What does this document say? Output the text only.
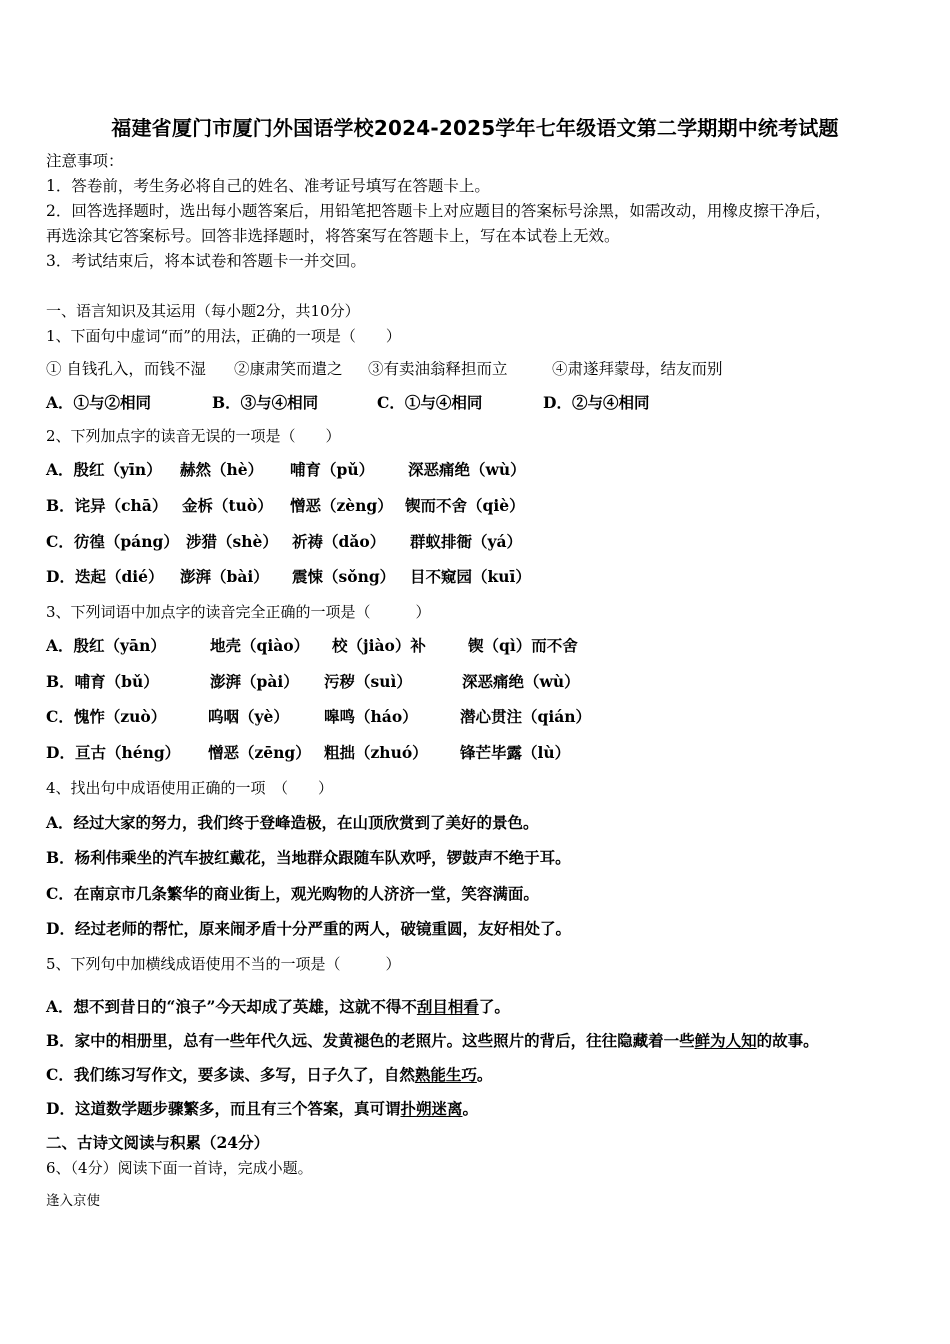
福建省厦门市厦门外国语学校2024-2025学年七年级语文第二学期期中统考试题
注意事项：
1．答卷前，考生务必将自己的姓名、准考证号填写在答题卡上。
2．回答选择题时，选出每小题答案后，用铅笔把答题卡上对应题目的答案标号涂黑，如需改动，用橡皮擦干净后，
再选涂其它答案标号。回答非选择题时，将答案写在答题卡上，写在本试卷上无效。
3．考试结束后，将本试卷和答题卡一并交回。
一、语言知识及其运用（每小题2分，共10分）
1、下面句中虚词“而”的用法，正确的一项是（　　）
① 自钱孔入，而钱不湿	②康肃笑而遣之	③有卖油翁释担而立	④肃遂拜蒙母，结友而别
A．①与②相同	B．③与④相同	C．①与④相同	D．②与④相同
2、下列加点字的读音无误的一项是（　　）
A．殷红（yīn）	赫然（hè）	哺育（pǔ）	深恶痛绝（wù）
B．诧异（chā） 金柝（tuò）	憎恶（zèng） 锲而不舍（qiè）
C．彷徨（páng） 涉猎（shè） 祈祷（dǎo）	群蚁排衙（yá）
D．迭起（dié）	澎湃（bài）	震悚（sǒng） 目不窥园（kuī）
3、下列词语中加点字的读音完全正确的一项是（　　　）
A．殷红（yān）	地壳（qiào）	校（jiào）补	锲（qì）而不舍
B．哺育（bǔ）	澎湃（pài）	污秽（suì）	深恶痛绝（wù）
C．愧怍（zuò）	呜咽（yè）	嗥鸣（háo）	潜心贯注（qián）
D．亘古（héng）	憎恶（zēng） 粗拙（zhuó）	锋芒毕露（lù）
4、找出句中成语使用正确的一项　（　　）
A．经过大家的努力，我们终于登峰造极，在山顶欣赏到了美好的景色。
B．杨利伟乘坐的汽车披红戴花，当地群众跟随车队欢呼，锣鼓声不绝于耳。
C．在南京市几条繁华的商业街上，观光购物的人济济一堂，笑容满面。
D．经过老师的帮忙，原来闹矛盾十分严重的两人，破镜重圆，友好相处了。
5、下列句中加横线成语使用不当的一项是（　　　）
A．想不到昔日的“浪子”今天却成了英雄，这就不得不刮目相看了。
B．家中的相册里，总有一些年代久远、发黄褪色的老照片。这些照片的背后，往往隐藏着一些鲜为人知的故事。
C．我们练习写作文，要多读、多写，日子久了，自然熟能生巧。
D．这道数学题步骤繁多，而且有三个答案，真可谓扑朔迷离。
二、古诗文阅读与积累（24分）
6、（4分）阅读下面一首诗，完成小题。
逢入京使
